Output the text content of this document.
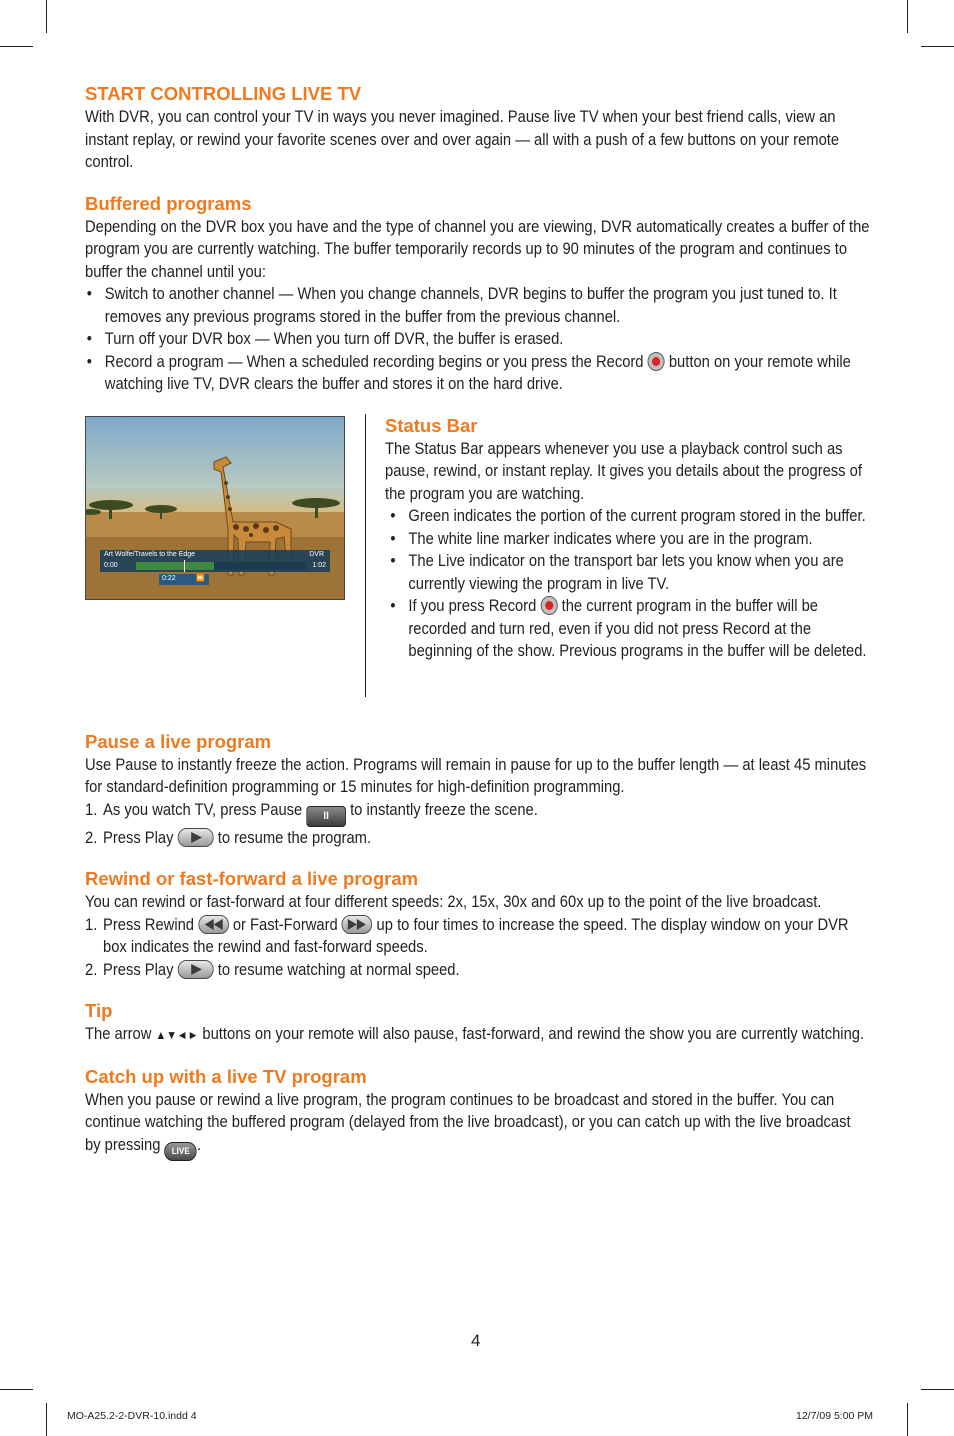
START CONTROLLING LIVE TV

With DVR, you can control your TV in ways you never imagined. Pause live TV when your best friend calls, view an instant replay, or rewind your favorite scenes over and over again — all with a push of a few buttons on your remote control.

Buffered programs

Depending on the DVR box you have and the type of channel you are viewing, DVR automatically creates a buffer of the program you are currently watching. The buffer temporarily records up to 90 minutes of the program and continues to buffer the channel until you:

• Switch to another channel — When you change channels, DVR begins to buffer the program you just tuned to. It removes any previous programs stored in the buffer from the previous channel.
• Turn off your DVR box — When you turn off DVR, the buffer is erased.
• Record a program — When a scheduled recording begins or you press the Record button on your remote while watching live TV, DVR clears the buffer and stores it on the hard drive.
Art Wolfe/Travels to the Edge	DVR
0:00	1:02
0:22	⏩
Status Bar

The Status Bar appears whenever you use a playback control such as pause, rewind, or instant replay. It gives you details about the progress of the program you are watching.

• Green indicates the portion of the current program stored in the buffer.
• The white line marker indicates where you are in the program.
• The Live indicator on the transport bar lets you know when you are currently viewing the program in live TV.
• If you press Record the current program in the buffer will be recorded and turn red, even if you did not press Record at the beginning of the show. Previous programs in the buffer will be deleted.
Pause a live program

Use Pause to instantly freeze the action. Programs will remain in pause for up to the buffer length — at least 45 minutes for standard-definition programming or 15 minutes for high-definition programming.

1. As you watch TV, press Pause II to instantly freeze the scene.
2. Press Play	to resume the program.
Rewind or fast-forward a live program

You can rewind or fast-forward at four different speeds: 2x, 15x, 30x and 60x up to the point of the live broadcast.

1. Press Rewind or Fast-Forward up to four times to increase the speed. The display window on your DVR box indicates the rewind and fast-forward speeds.
2. Press Play	to resume watching at normal speed.
Tip

The arrow ▲▼◄► buttons on your remote will also pause, fast-forward, and rewind the show you are currently watching.

Catch up with a live TV program

When you pause or rewind a live program, the program continues to be broadcast and stored in the buffer. You can continue watching the buffered program (delayed from the live broadcast), or you can catch up with the live broadcast by pressing LIVE .

4
MO-A25.2-2-DVR-10.indd 4	12/7/09 5:00 PM
